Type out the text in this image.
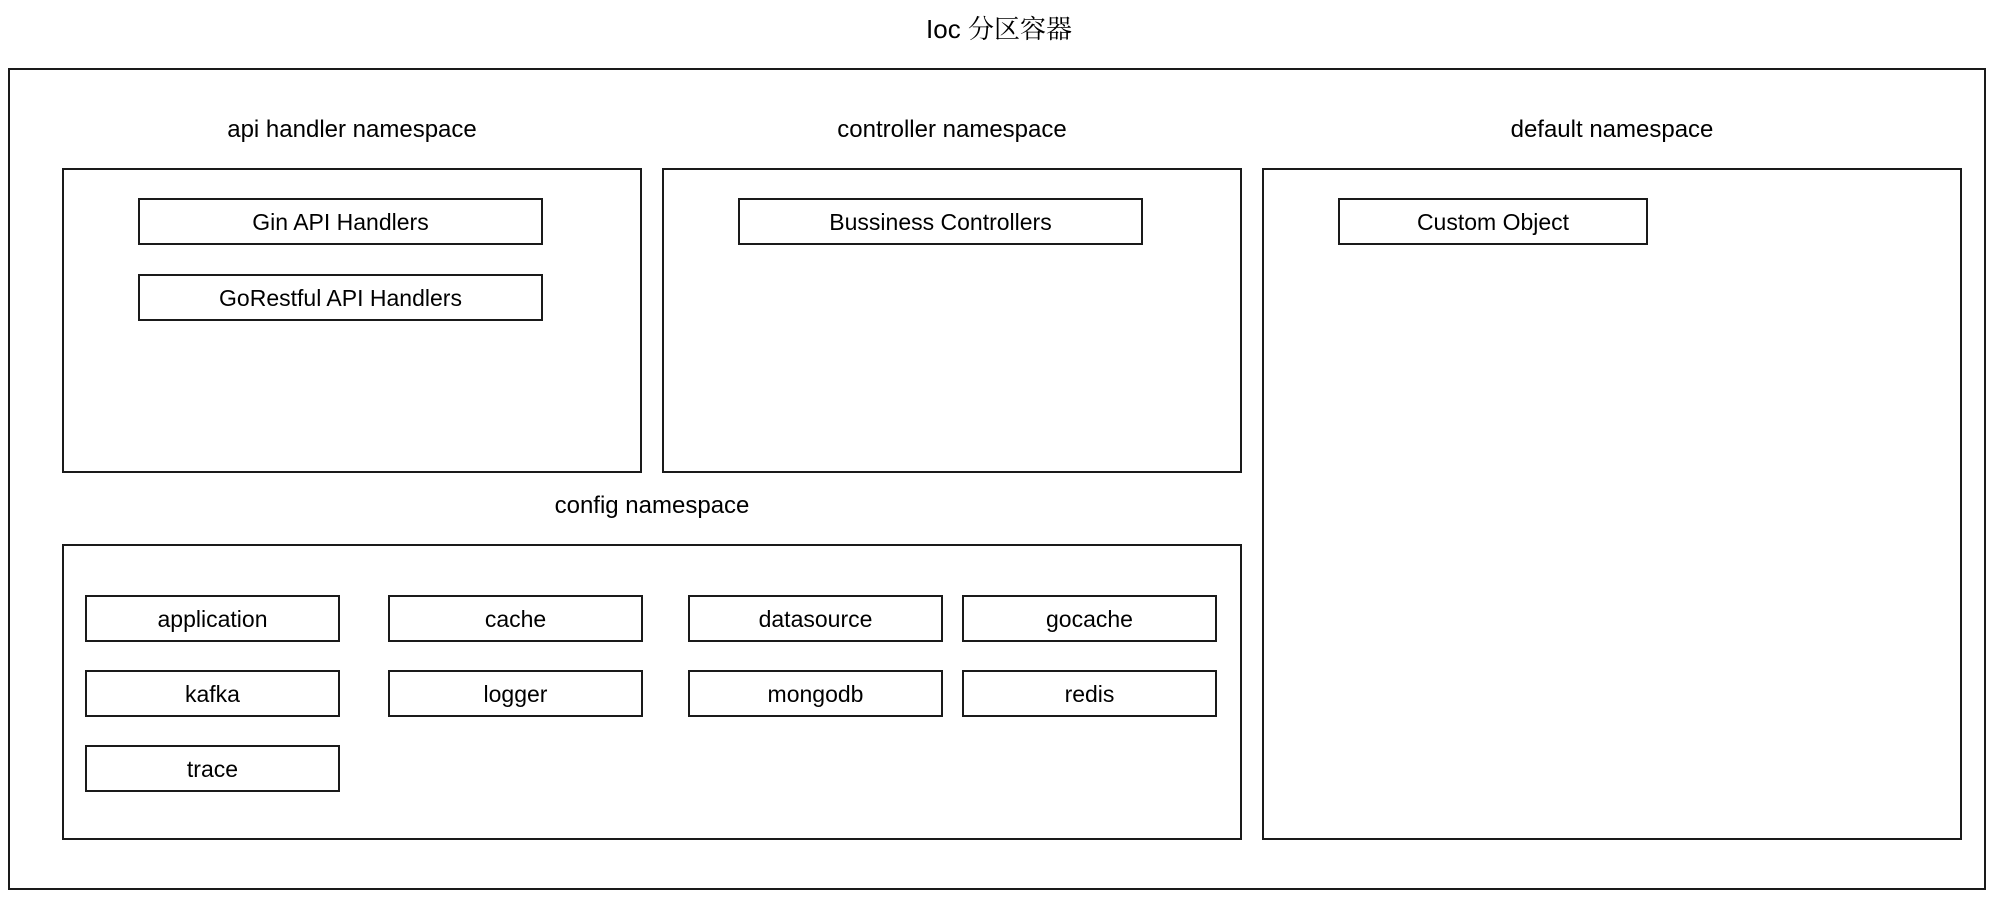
Ioc 分区容器
api handler namespace
Gin API Handlers
GoRestful API Handlers
controller namespace
Bussiness Controllers
default namespace
Custom Object
config namespace
application	cache	datasource	gocache
kafka	logger	mongodb	redis
trace
